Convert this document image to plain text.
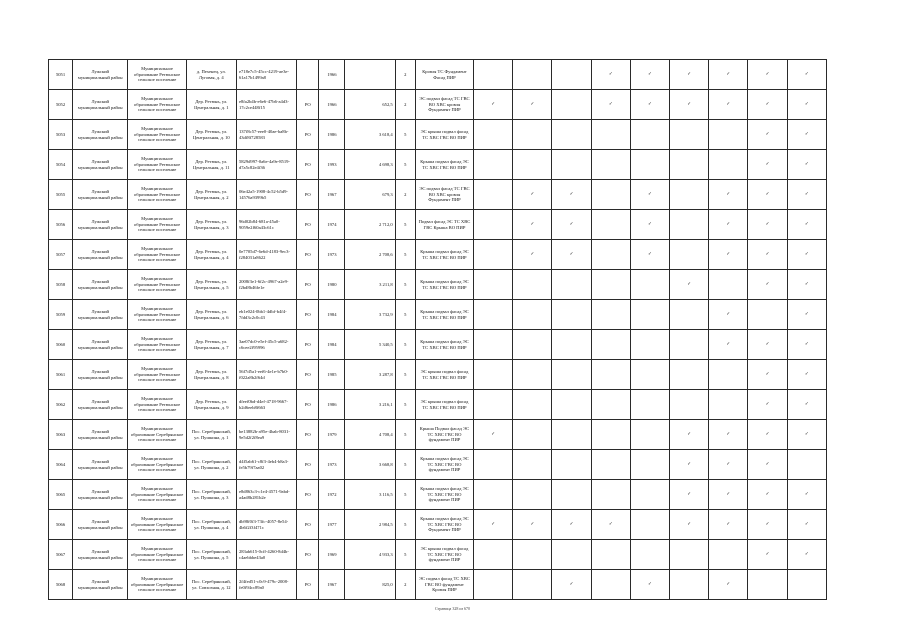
5051	Лужский муниципальный район	Муниципальное образование Ретюнское сельское поселение	д. Пехенец, ул. Луговая, д. 4	e718e7c5-45cc-4219-ae3e-61a17b1499a8		1966		2	Кровля ТС Фундамент Фасад ПИР				✓	✓	✓	✓	✓	✓
5052	Лужский муниципальный район	Муниципальное образование Ретюнское сельское поселение	Дер. Ретюнь, ул. Центральная, д. 1	e8fa2b4b-e6e6-47b6-a4d3-17c2ce448f15	РО	1966	652,5	2	ЭС подвал фасад ТС ГВС ВО ХВС кровля Фундамент ПИР	✓	✓		✓	✓	✓	✓	✓	✓
5053	Лужский муниципальный район	Муниципальное образование Ретюнское сельское поселение	Дер. Ретюнь, ул. Центральная, д. 10	137f8c57-eee0-40ae-ba8b-43df8f728583	РО	1986	3 618,4	5	ЭС крыша подвал фасад ТС ХВС ГВС ВО ПИР								✓	✓
5054	Лужский муниципальный район	Муниципальное образование Ретюнское сельское поселение	Дер. Ретюнь, ул. Центральная, д. 11	5829d997-0a6e-4a9e-8519-d7a5c82e4f36	РО	1993	4 698,3	5	Крыша подвал фасад ЭС ТС ХВС ГВС ВО ПИР								✓	✓
5055	Лужский муниципальный район	Муниципальное образование Ретюнское сельское поселение	Дер. Ретюнь, ул. Центральная, д. 2	06e42a5-1908-4c52-b5d9-14576a9399b5	РО	1967	679,3	2	ЭС подвал фасад ТС ГВС ВО ХВС кровля Фундамент ПИР		✓	✓		✓		✓	✓	✓
5056	Лужский муниципальный район	Муниципальное образование Ретюнское сельское поселение	Дер. Ретюнь, ул. Центральная, д. 3	96d02b84-681a-45a0-9059e2f60a43c61c	РО	1974	2 712,0	5	Подвал фасад ЭС ТС ХВС ГВС Крыша ВО ПИР		✓	✓		✓		✓	✓	✓
5057	Лужский муниципальный район	Муниципальное образование Ретюнское сельское поселение	Дер. Ретюнь, ул. Центральная, д. 4	0e7705d7-6e6d-4183-9ec3-f284031a8622	РО	1973	2 708,6	5	Крыша подвал фасад ЭС ТС ХВС ГВС ВО ПИР		✓	✓		✓		✓	✓	✓
5058	Лужский муниципальный район	Муниципальное образование Ретюнское сельское поселение	Дер. Ретюнь, ул. Центральная, д. 5	2008f3e1-6f2c-4967-a2e9-f2bd8b46fe1e	РО	1980	3 211,8	5	Крыша подвал фасад ЭС ТС ХВС ГВС ВО ПИР						✓		✓	✓
5059	Лужский муниципальный район	Муниципальное образование Ретюнское сельское поселение	Дер. Ретюнь, ул. Центральная, д. 6	eb1e024-0bb1-4dbf-b4f4-7fdd3c2c0c43	РО	1984	3 732,9	5	Крыша подвал фасад ЭС ТС ХВС ГВС ВО ПИР							✓		✓
5060	Лужский муниципальный район	Муниципальное образование Ретюнское сельское поселение	Дер. Ретюнь, ул. Центральная, д. 7	3ae07dc0-e5ef-45c5-a682-c6cee2f95996	РО	1984	5 340,5	5	Крыша подвал фасад ЭС ТС ХВС ГВС ВО ПИР							✓	✓	✓
5061	Лужский муниципальный район	Муниципальное образование Ретюнское сельское поселение	Дер. Ретюнь, ул. Центральная, д. 8	56f7d5a1-eef6-4e1e-b7b0-f022a8b2f64d	РО	1985	3 287,8	5	ЭС крыша подвал фасад ТС ХВС ГВС ВО ПИР								✓	✓
5062	Лужский муниципальный район	Муниципальное образование Ретюнское сельское поселение	Дер. Ретюнь, ул. Центральная, д. 9	dfeef0bd-d4ef-4718-9667-b2d6eeb8f663	РО	1986	3 216,1	5	ЭС крыша подвал фасад ТС ХВС ГВС ВО ПИР								✓	✓
5063	Лужский муниципальный район	Муниципальное образование Серебрянское сельское поселение	Пос. Серебрянский, ул. Пушкина, д. 1	be13882b-a95e-4bab-8031-9e5d2f2f8ea9	РО	1979	4 708,4	5	Крыша Подвал фасад ЭС ТС ХВС ГВС ВО фундамент ПИР	✓					✓	✓	✓	✓
5064	Лужский муниципальный район	Муниципальное образование Серебрянское сельское поселение	Пос. Серебрянский, ул. Пушкина, д. 2	d4f5ab61-c8f3-4eb4-b8a3-fe5b79f7aa02	РО	1973	3 668,8	5	Крыша подвал фасад ЭС ТС ХВС ГВС ВО фундамент ПИР						✓	✓	✓	
5065	Лужский муниципальный район	Муниципальное образование Серебрянское сельское поселение	Пос. Серебрянский, ул. Пушкина, д. 3	e8d863c3-c1e4-4571-9abd-a4ad8b281b2e	РО	1972	3 116,5	5	Крыша подвал фасад ЭС ТС ХВС ГВС ВО фундамент ПИР						✓	✓	✓	✓
5066	Лужский муниципальный район	Муниципальное образование Серебрянское сельское поселение	Пос. Серебрянский, ул. Пушкина, д. 4	db98f0f3-73fc-4057-8e54-4b6f2f3f471c	РО	1977	2 984,5	5	Крыша подвал фасад ЭС ТС ХВС ГВС ВО Фундамент ПИР	✓	✓	✓	✓		✓	✓	✓	✓
5067	Лужский муниципальный район	Муниципальное образование Серебрянское сельское поселение	Пос. Серебрянский, ул. Пушкина, д. 5	283ab615-0cff-4260-8d4b-c4aebbbe43a0	РО	1969	4 933,3	5	ЭС крыша подвал фасад ТС ХВС ГВС ВО фундамент ПИР								✓	✓
5068	Лужский муниципальный район	Муниципальное образование Серебрянское сельское поселение	Пос. Серебрянский, ул. Совхозная, д. 12	2f4fed51-c0c9-479c-2008-fe0f94cc89a0	РО	1967	825,0	2	ЭС подвал фасад ТС ХВС ГВС ВО фундамент Кровля ПИР			✓		✓		✓		
Страница 328 из 670
